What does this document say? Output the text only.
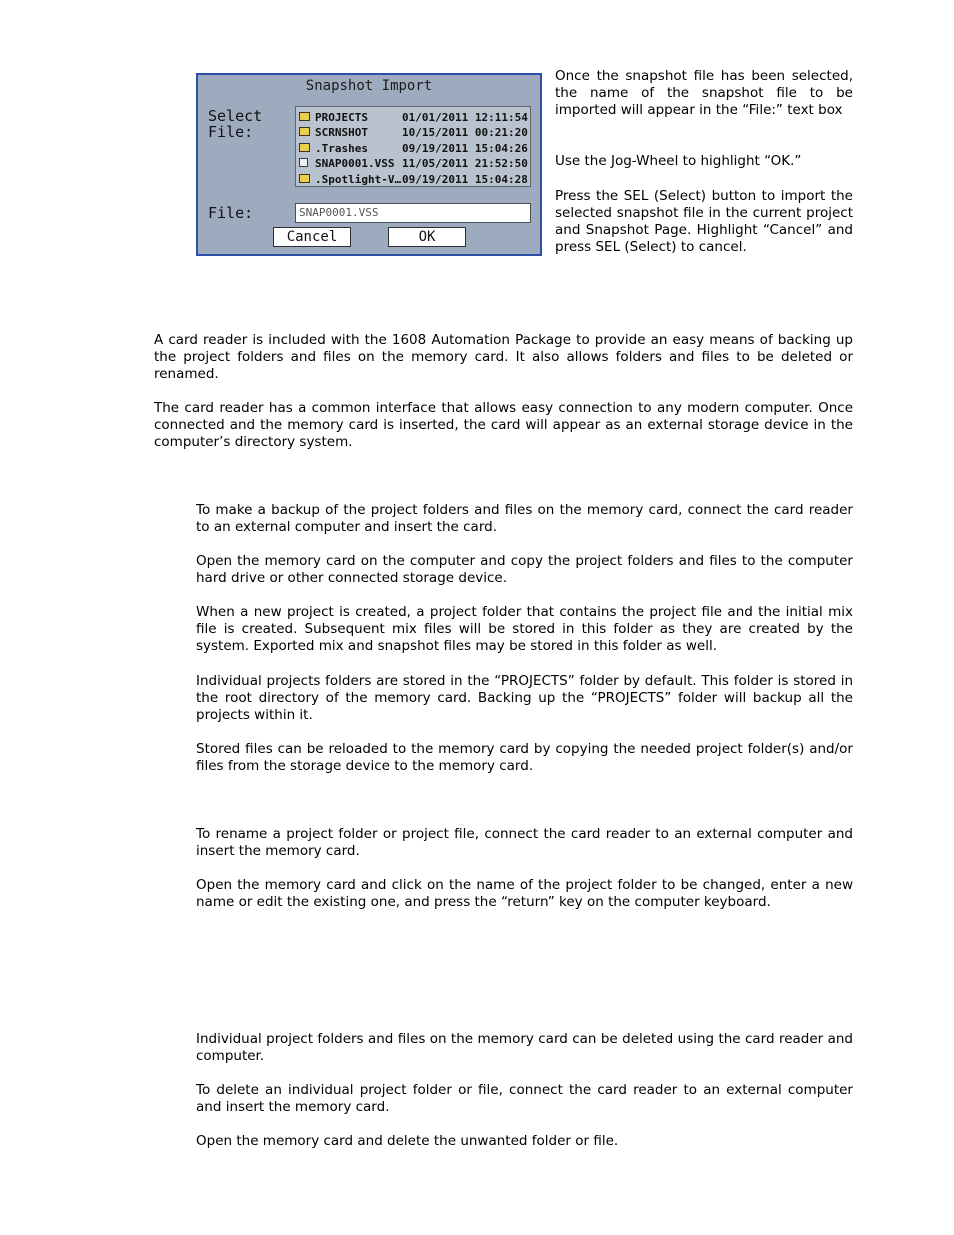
Snapshot Import
Select
File:
PROJECTS	01/01/2011 12:11:54
SCRNSHOT	10/15/2011 00:21:20
.Trashes	09/19/2011 15:04:26
SNAP0001.VSS 11/05/2011 21:52:50
.Spotlight-V… 09/19/2011 15:04:28
File:	SNAP0001.VSS
Cancel	OK

Once the snapshot file has been selected, the name of the snapshot file to be imported will appear in the “File:” text box

Use the Jog-Wheel to highlight “OK.”

Press the SEL (Select) button to import the selected snapshot file in the current project and Snapshot Page. Highlight “Cancel” and press SEL (Select) to cancel.

A card reader is included with the 1608 Automation Package to provide an easy means of backing up the project folders and files on the memory card. It also allows folders and files to be deleted or renamed.

The card reader has a common interface that allows easy connection to any modern computer. Once connected and the memory card is inserted, the card will appear as an external storage device in the computer’s directory system.

To make a backup of the project folders and files on the memory card, connect the card reader to an external computer and insert the card.

Open the memory card on the computer and copy the project folders and files to the computer hard drive or other connected storage device.

When a new project is created, a project folder that contains the project file and the initial mix file is created. Subsequent mix files will be stored in this folder as they are created by the system. Exported mix and snapshot files may be stored in this folder as well.

Individual projects folders are stored in the “PROJECTS” folder by default. This folder is stored in the root directory of the memory card. Backing up the “PROJECTS” folder will backup all the projects within it.

Stored files can be reloaded to the memory card by copying the needed project folder(s) and/or files from the storage device to the memory card.

To rename a project folder or project file, connect the card reader to an external computer and insert the memory card.

Open the memory card and click on the name of the project folder to be changed, enter a new name or edit the existing one, and press the “return” key on the computer keyboard.

Individual project folders and files on the memory card can be deleted using the card reader and computer.

To delete an individual project folder or file, connect the card reader to an external computer and insert the memory card.

Open the memory card and delete the unwanted folder or file.
